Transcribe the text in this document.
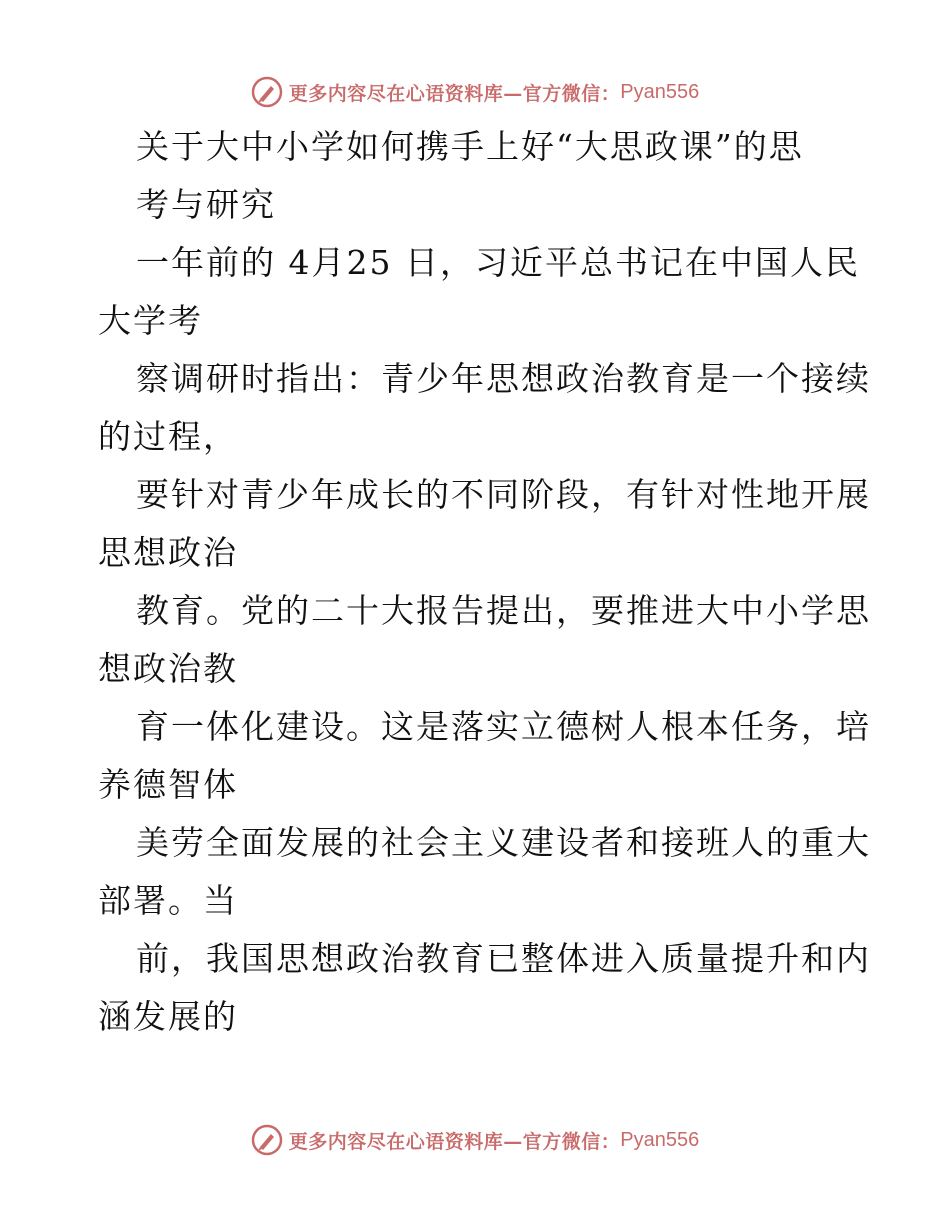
更多内容尽在心语资料库—官方微信： Pyan556
关于大中小学如何携手上好“大思政课”的思
考与研究
一年前的 4月25 日，习近平总书记在中国人民
大学考
察调研时指出：青少年思想政治教育是一个接续
的过程，
要针对青少年成长的不同阶段，有针对性地开展
思想政治
教育。党的二十大报告提出，要推进大中小学思
想政治教
育一体化建设。这是落实立德树人根本任务，培
养德智体
美劳全面发展的社会主义建设者和接班人的重大
部署。当
前，我国思想政治教育已整体进入质量提升和内
涵发展的
更多内容尽在心语资料库—官方微信： Pyan556
